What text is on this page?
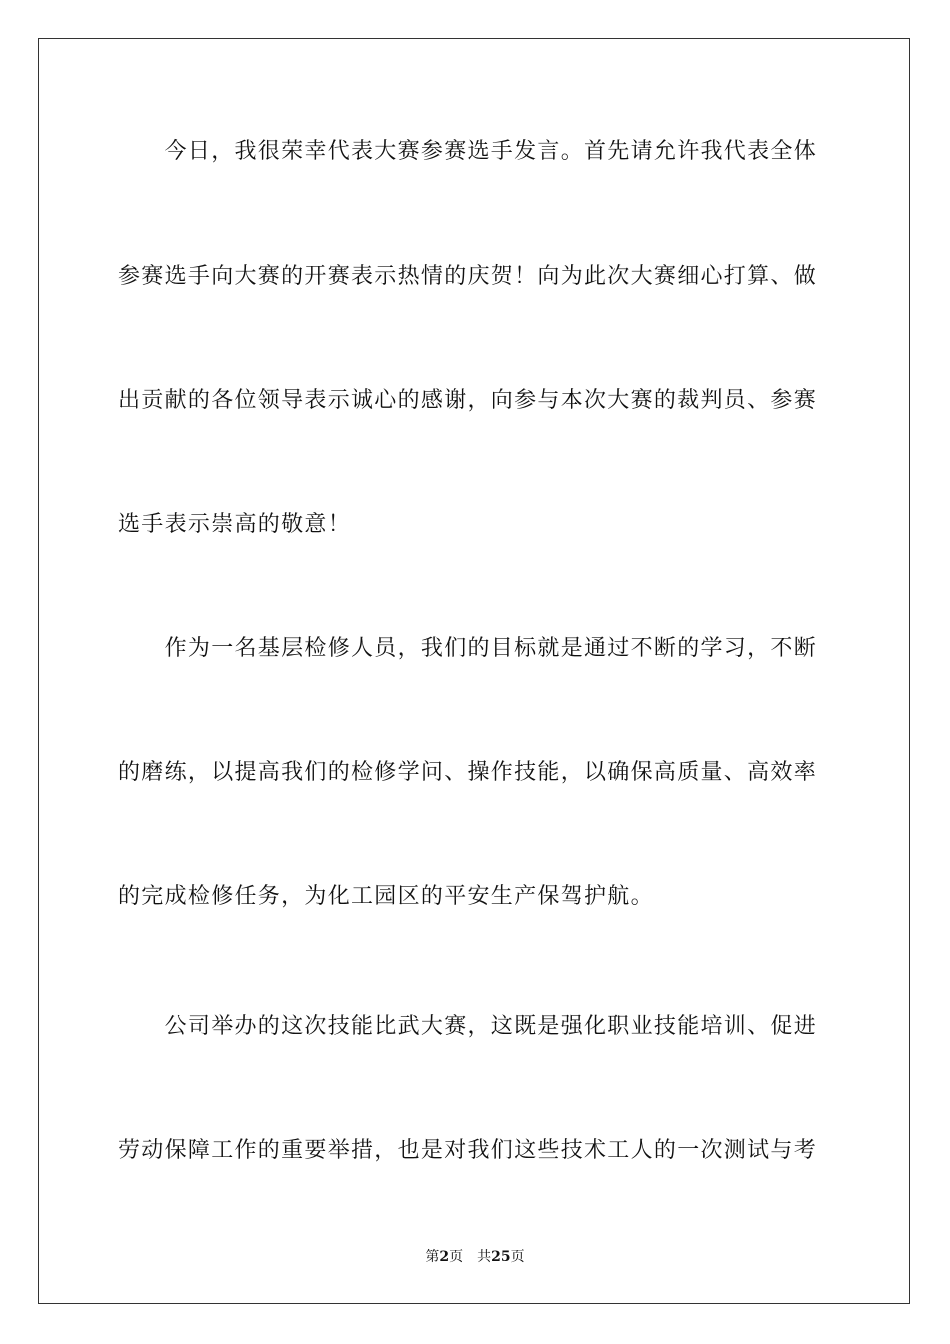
　　今日，我很荣幸代表大赛参赛选手发言。首先请允许我代表全体
参赛选手向大赛的开赛表示热情的庆贺！向为此次大赛细心打算、做
出贡献的各位领导表示诚心的感谢，向参与本次大赛的裁判员、参赛
选手表示崇高的敬意！
　　作为一名基层检修人员，我们的目标就是通过不断的学习，不断
的磨练，以提高我们的检修学问、操作技能，以确保高质量、高效率
的完成检修任务，为化工园区的平安生产保驾护航。
　　公司举办的这次技能比武大赛，这既是强化职业技能培训、促进
劳动保障工作的重要举措，也是对我们这些技术工人的一次测试与考
第2页 共25页
